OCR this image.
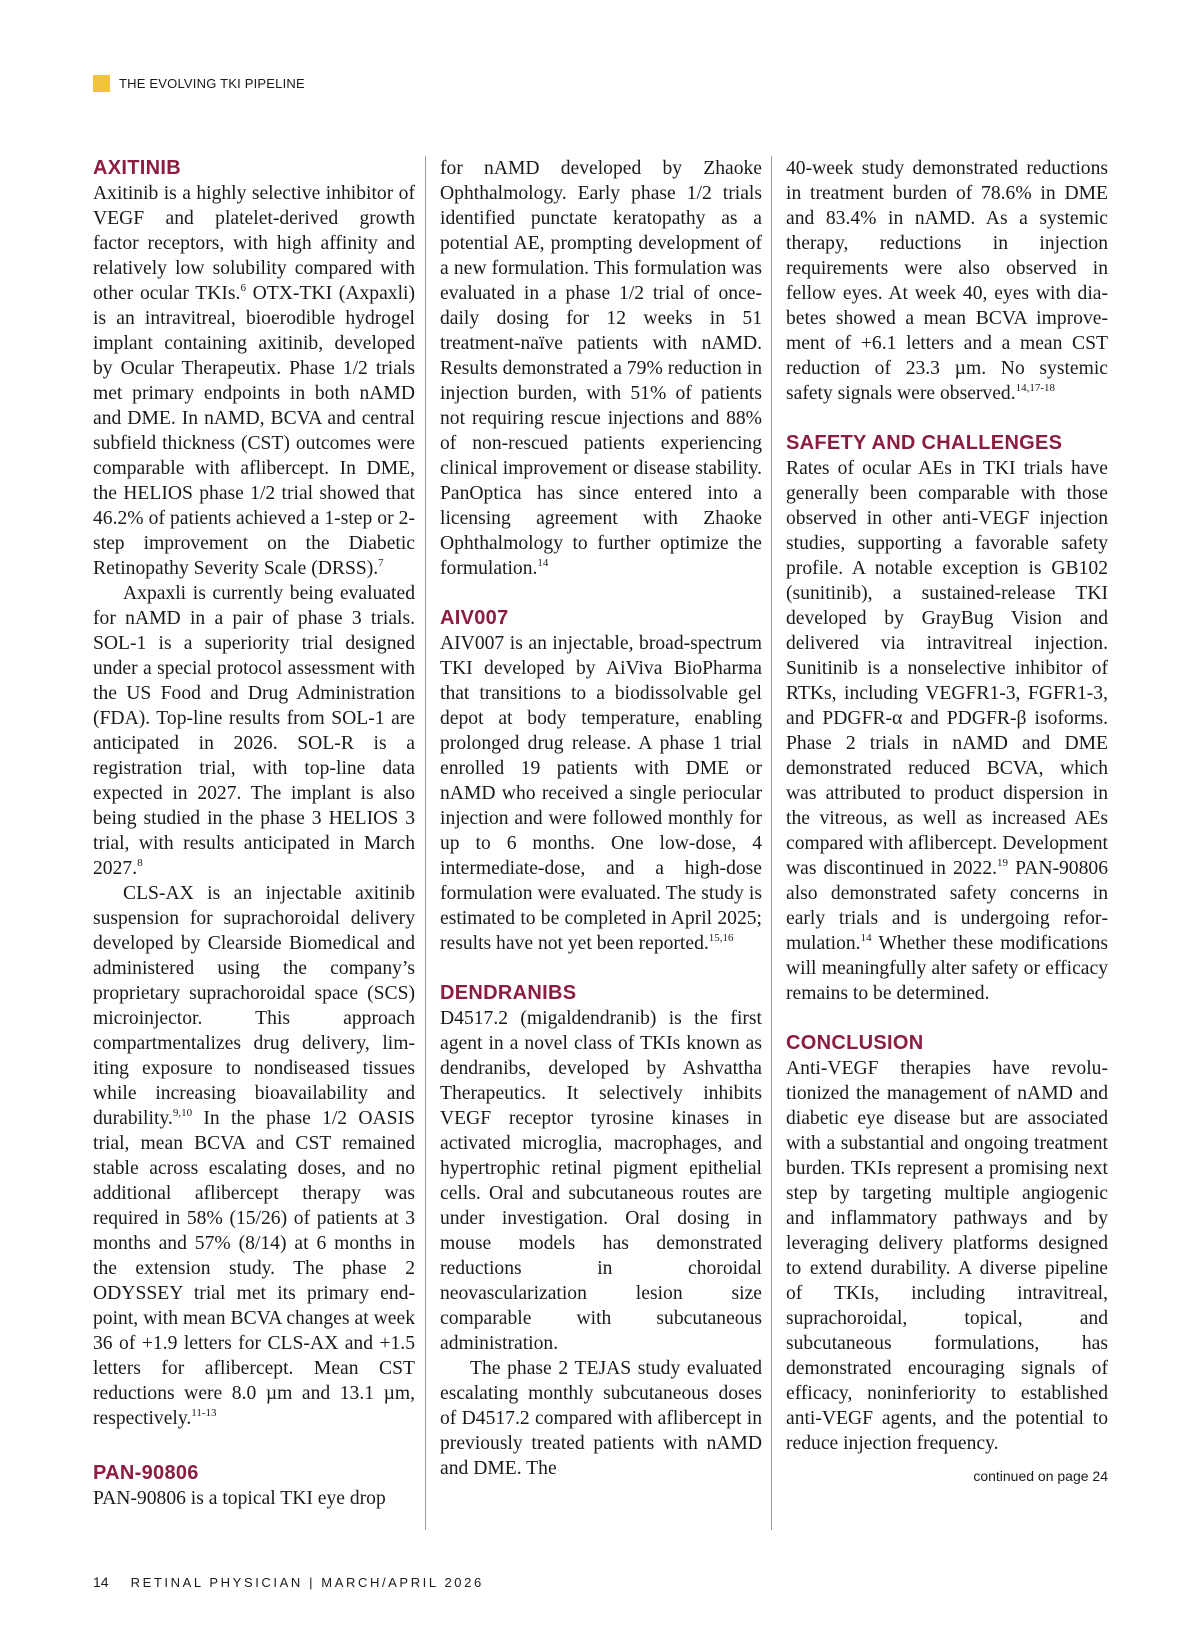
THE EVOLVING TKI PIPELINE
AXITINIB

Axitinib is a highly selective inhibitor of VEGF and platelet-derived growth factor receptors, with high affinity and relatively low solubility compared with other ocular TKIs.$^6$ OTX-TKI (Axpaxli) is an intravitreal, bioerodible hydrogel implant containing axitinib, developed by Ocular Therapeutix. Phase 1/2 trials met primary endpoints in both nAMD and DME. In nAMD, BCVA and central subfield thickness (CST) outcomes were comparable with aflibercept. In DME, the HELIOS phase 1/2 trial showed that 46.2% of patients achieved a 1-step or 2-step improvement on the Diabetic Retinopathy Severity Scale (DRSS).$^7$

Axpaxli is currently being evaluated for nAMD in a pair of phase 3 trials. SOL-1 is a superiority trial designed under a special protocol assessment with the US Food and Drug Administration (FDA). Top-line results from SOL-1 are anticipated in 2026. SOL-R is a registration trial, with top-line data expected in 2027. The implant is also being studied in the phase 3 HELIOS 3 trial, with results anticipated in March 2027.$^8$

CLS-AX is an injectable axitinib suspension for suprachoroidal delivery developed by Clearside Biomedical and administered using the company’s proprietary suprachoroidal space (SCS) microinjector. This approach compartmentalizes drug delivery, limiting exposure to nondiseased tissues while increasing bioavailability and durability.$^{9,10}$ In the phase 1/2 OASIS trial, mean BCVA and CST remained stable across escalating doses, and no additional aflibercept therapy was required in 58% (15/26) of patients at 3 months and 57% (8/14) at 6 months in the extension study. The phase 2 ODYSSEY trial met its primary endpoint, with mean BCVA changes at week 36 of +1.9 letters for CLS-AX and +1.5 letters for aflibercept. Mean CST reductions were 8.0 µm and 13.1 µm, respectively.$^{11-13}$

PAN-90806

PAN-90806 is a topical TKI eye drop

for nAMD developed by Zhaoke Ophthalmology. Early phase 1/2 trials identified punctate keratopathy as a potential AE, prompting development of a new formulation. This formulation was evaluated in a phase 1/2 trial of once-daily dosing for 12 weeks in 51 treatment-naïve patients with nAMD. Results demonstrated a 79% reduction in injection burden, with 51% of patients not requiring rescue injections and 88% of non-rescued patients experiencing clinical improvement or disease stability. PanOptica has since entered into a licensing agreement with Zhaoke Ophthalmology to further optimize the formulation.$^{14}$

AIV007

AIV007 is an injectable, broad-spectrum TKI developed by AiViva BioPharma that transitions to a biodissolvable gel depot at body temperature, enabling prolonged drug release. A phase 1 trial enrolled 19 patients with DME or nAMD who received a single periocular injection and were followed monthly for up to 6 months. One low-dose, 4 intermediate-dose, and a high-dose formulation were evaluated. The study is estimated to be completed in April 2025; results have not yet been reported.$^{15,16}$

DENDRANIBS

D4517.2 (migaldendranib) is the first agent in a novel class of TKIs known as dendranibs, developed by Ashvattha Therapeutics. It selectively inhibits VEGF receptor tyrosine kinases in activated microglia, macrophages, and hypertrophic retinal pigment epithelial cells. Oral and subcutaneous routes are under investigation. Oral dosing in mouse models has demonstrated reductions in choroidal neovascularization lesion size comparable with subcutaneous administration.

The phase 2 TEJAS study evaluated escalating monthly subcutaneous doses of D4517.2 compared with aflibercept in previously treated patients with nAMD and DME. The

40-week study demonstrated reductions in treatment burden of 78.6% in DME and 83.4% in nAMD. As a systemic therapy, reductions in injection requirements were also observed in fellow eyes. At week 40, eyes with diabetes showed a mean BCVA improvement of +6.1 letters and a mean CST reduction of 23.3 µm. No systemic safety signals were observed.$^{14,17-18}$

SAFETY AND CHALLENGES

Rates of ocular AEs in TKI trials have generally been comparable with those observed in other anti-VEGF injection studies, supporting a favorable safety profile. A notable exception is GB102 (sunitinib), a sustained-release TKI developed by GrayBug Vision and delivered via intravitreal injection. Sunitinib is a nonselective inhibitor of RTKs, including VEGFR1-3, FGFR1-3, and PDGFR-α and PDGFR-β isoforms. Phase 2 trials in nAMD and DME demonstrated reduced BCVA, which was attributed to product dispersion in the vitreous, as well as increased AEs compared with aflibercept. Development was discontinued in 2022.19 PAN-90806 also demonstrated safety concerns in early trials and is undergoing reformulation.$^{14}$ Whether these modifications will meaningfully alter safety or efficacy remains to be determined.

CONCLUSION

Anti-VEGF therapies have revolutionized the management of nAMD and diabetic eye disease but are associated with a substantial and ongoing treatment burden. TKIs represent a promising next step by targeting multiple angiogenic and inflammatory pathways and by leveraging delivery platforms designed to extend durability. A diverse pipeline of TKIs, including intravitreal, suprachoroidal, topical, and subcutaneous formulations, has demonstrated encouraging signals of efficacy, noninferiority to established anti-VEGF agents, and the potential to reduce injection frequency.

continued on page 24
14 RETINAL PHYSICIAN | MARCH/APRIL 2026
